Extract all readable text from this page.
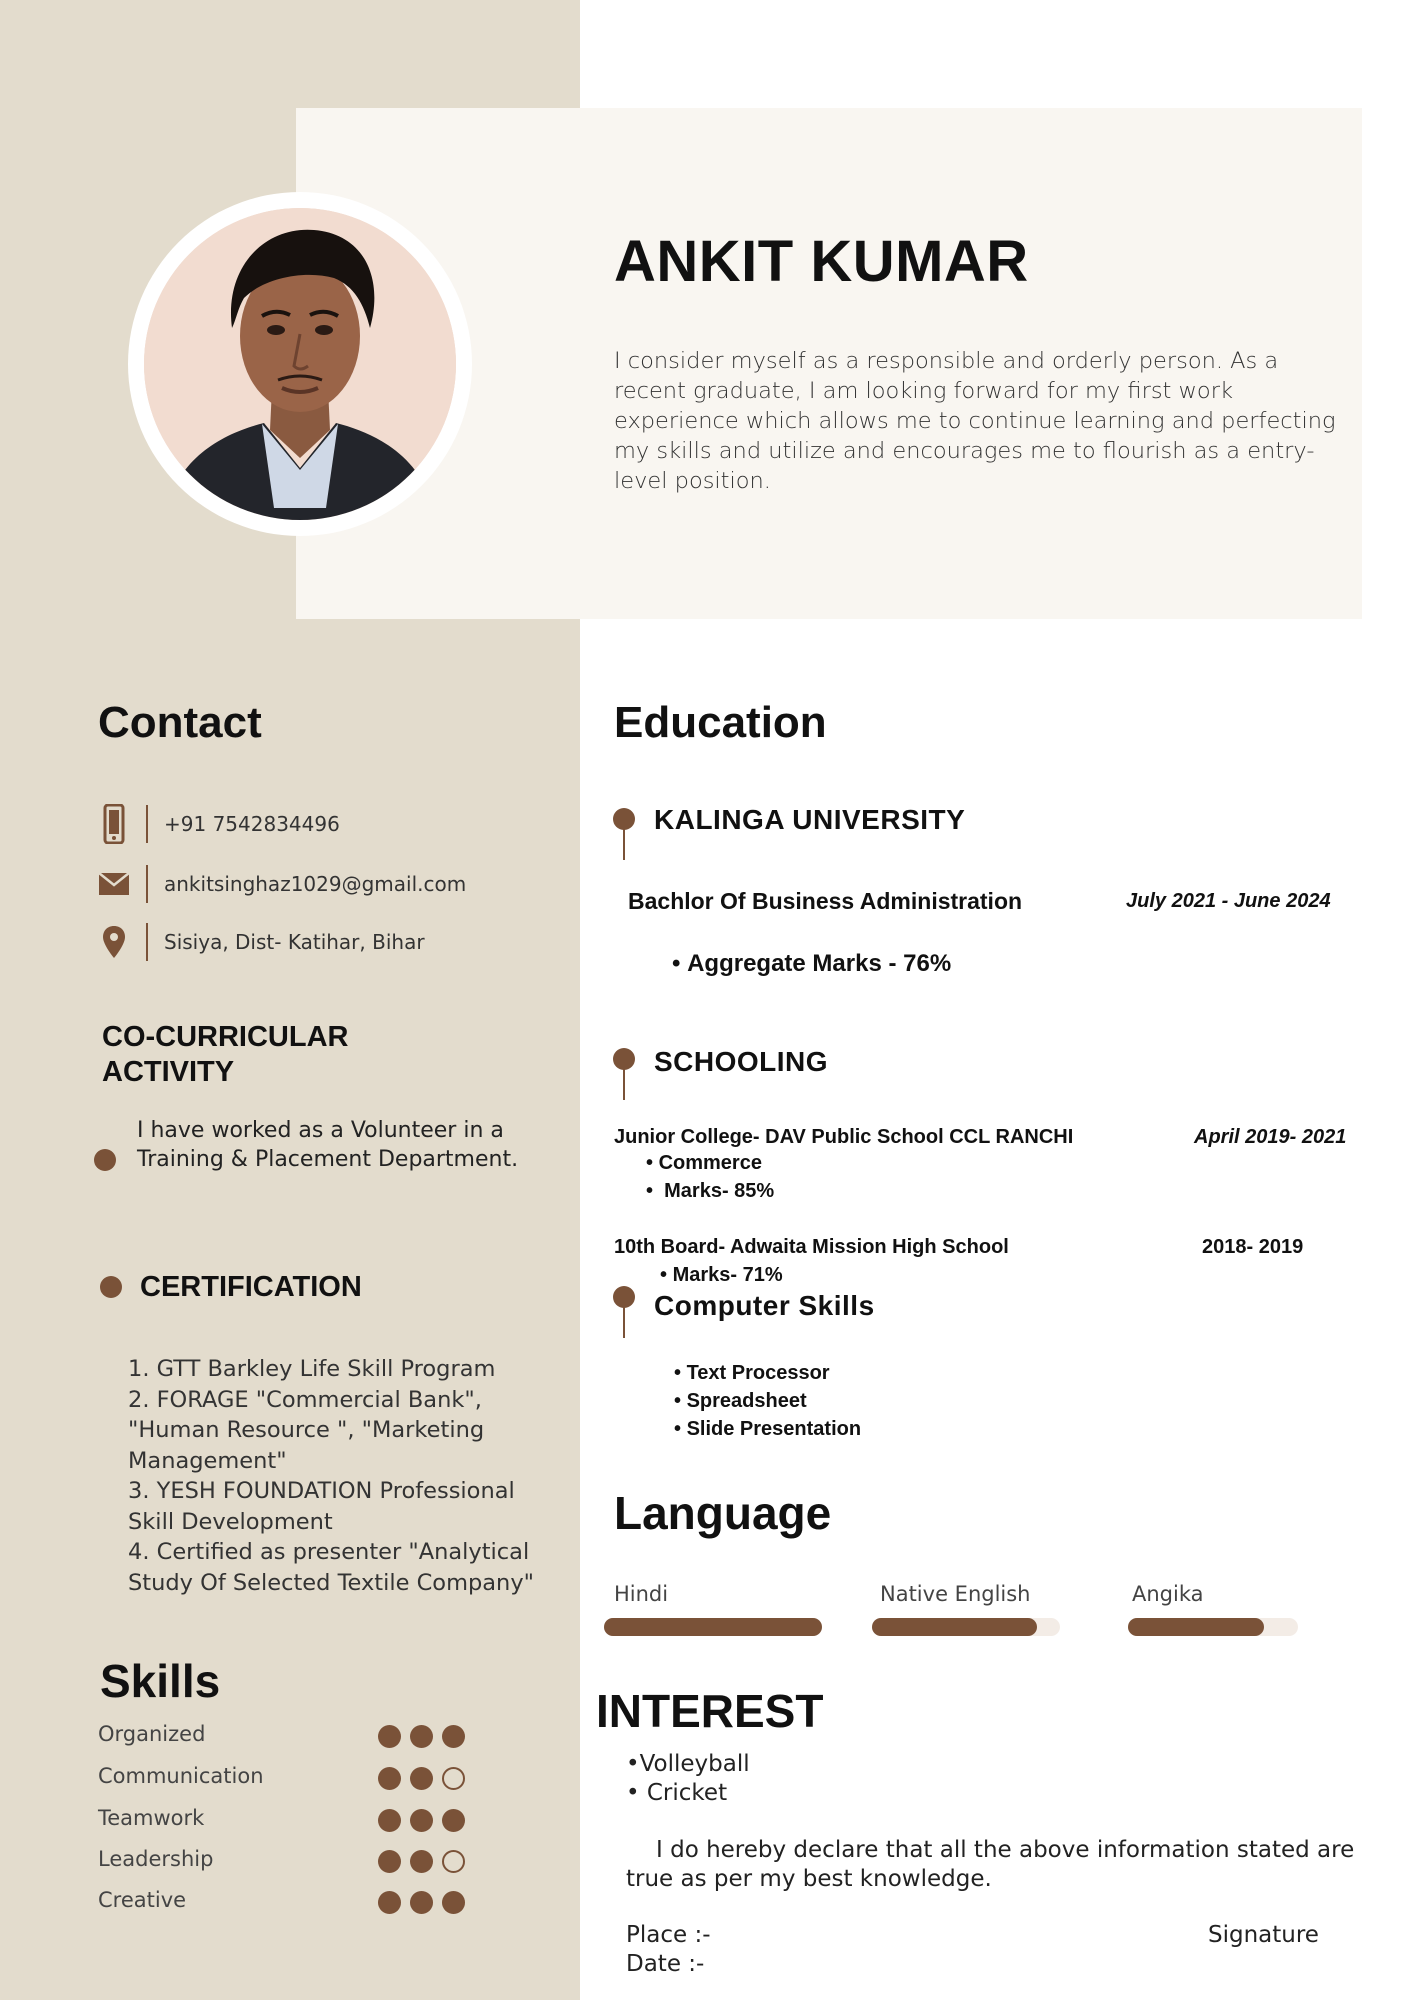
ANKIT KUMAR
I consider myself as a responsible and orderly person. As a recent graduate, I am looking forward for my first work experience which allows me to continue learning and perfecting my skills and utilize and encourages me to flourish as a entry-level position.
Contact
+91 7542834496
ankitsinghaz1029@gmail.com
Sisiya, Dist- Katihar, Bihar
CO-CURRICULAR
ACTIVITY
I have worked as a Volunteer in a Training & Placement Department.
CERTIFICATION
1. GTT Barkley Life Skill Program
2. FORAGE "Commercial Bank",
"Human Resource ", "Marketing
Management"
3. YESH FOUNDATION Professional
Skill Development
4. Certified as presenter "Analytical
Study Of Selected Textile Company"
Skills
Organized
Communication
Teamwork
Leadership
Creative
Education
KALINGA UNIVERSITY
Bachlor Of Business Administration	July 2021 - June 2024
• Aggregate Marks - 76%
SCHOOLING
Junior College- DAV Public School CCL RANCHI	April 2019- 2021
• Commerce
•  Marks- 85%
10th Board- Adwaita Mission High School	2018- 2019
• Marks- 71%
Computer Skills
• Text Processor
• Spreadsheet
• Slide Presentation
Language
Hindi	Native English	Angika
INTEREST
•Volleyball
• Cricket
I do hereby declare that all the above information stated are
true as per my best knowledge.
Place :-
Date :-
Signature
